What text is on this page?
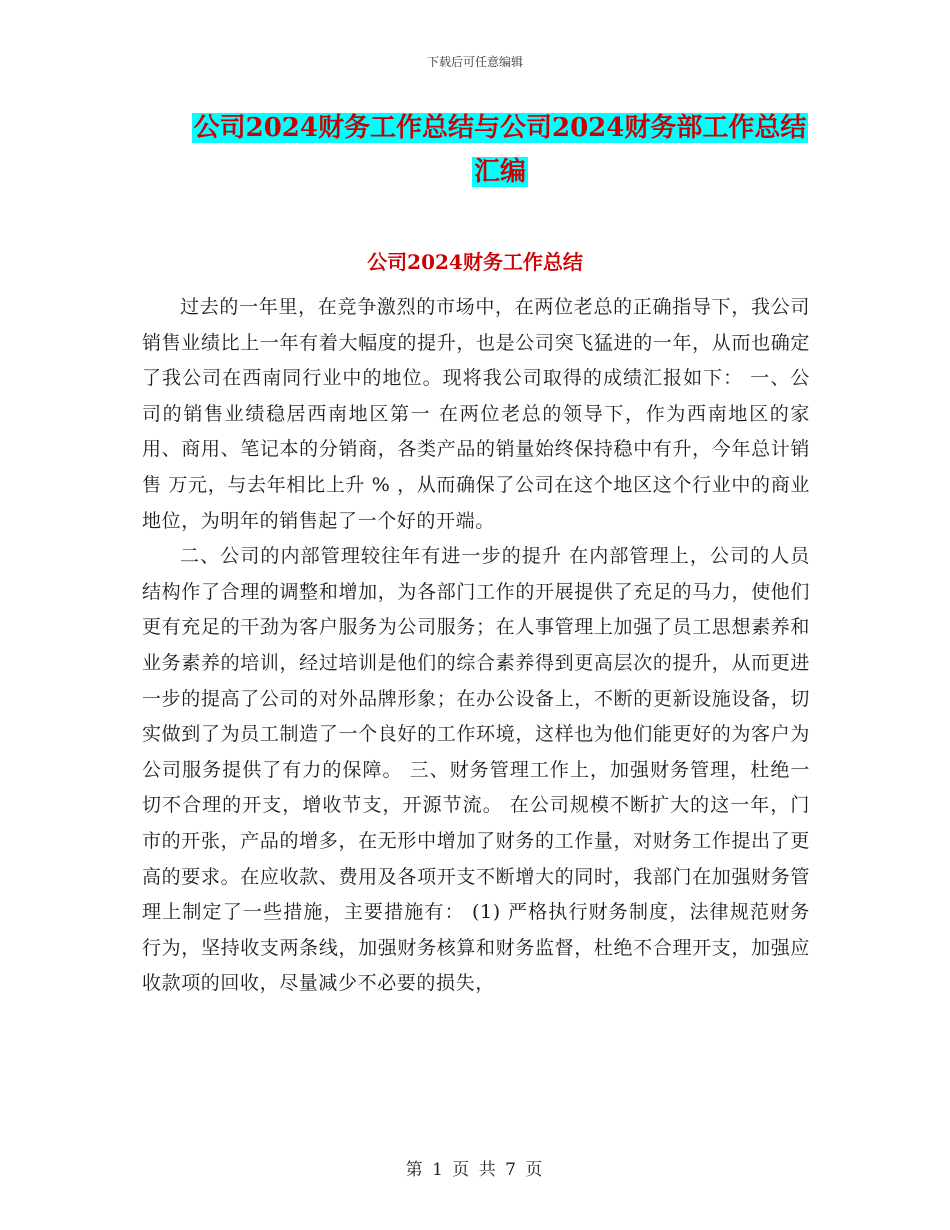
下载后可任意编辑
公司2024财务工作总结与公司2024财务部工作总结
汇编
公司2024财务工作总结

过去的一年里，在竞争激烈的市场中，在两位老总的正确指导下，我公司销售业绩比上一年有着大幅度的提升，也是公司突飞猛进的一年，从而也确定了我公司在西南同行业中的地位。现将我公司取得的成绩汇报如下： 一、公司的销售业绩稳居西南地区第一 在两位老总的领导下，作为西南地区的家用、商用、笔记本的分销商，各类产品的销量始终保持稳中有升，今年总计销售 万元，与去年相比上升 % ，从而确保了公司在这个地区这个行业中的商业地位，为明年的销售起了一个好的开端。

二、公司的内部管理较往年有进一步的提升 在内部管理上，公司的人员结构作了合理的调整和增加，为各部门工作的开展提供了充足的马力，使他们更有充足的干劲为客户服务为公司服务；在人事管理上加强了员工思想素养和业务素养的培训，经过培训是他们的综合素养得到更高层次的提升，从而更进一步的提高了公司的对外品牌形象；在办公设备上，不断的更新设施设备，切实做到了为员工制造了一个良好的工作环境，这样也为他们能更好的为客户为公司服务提供了有力的保障。 三、财务管理工作上，加强财务管理，杜绝一切不合理的开支，增收节支，开源节流。 在公司规模不断扩大的这一年，门市的开张，产品的增多，在无形中增加了财务的工作量，对财务工作提出了更高的要求。在应收款、费用及各项开支不断增大的同时，我部门在加强财务管理上制定了一些措施，主要措施有： (1) 严格执行财务制度，法律规范财务行为，坚持收支两条线，加强财务核算和财务监督，杜绝不合理开支，加强应收款项的回收，尽量减少不必要的损失，

第 1 页 共 7 页
